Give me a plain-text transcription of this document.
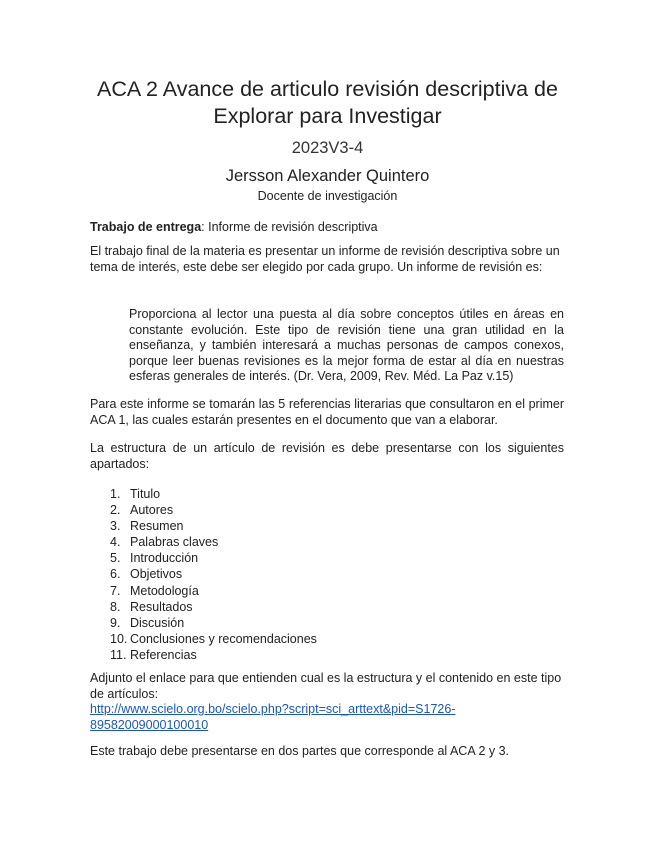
ACA 2 Avance de articulo revisión descriptiva de Explorar para Investigar
2023V3-4
Jersson Alexander Quintero
Docente de investigación
Trabajo de entrega: Informe de revisión descriptiva
El trabajo final de la materia es presentar un informe de revisión descriptiva sobre un tema de interés, este debe ser elegido por cada grupo. Un informe de revisión es:
Proporciona al lector una puesta al día sobre conceptos útiles en áreas en constante evolución. Este tipo de revisión tiene una gran utilidad en la enseñanza, y también interesará a muchas personas de campos conexos, porque leer buenas revisiones es la mejor forma de estar al día en nuestras esferas generales de interés. (Dr. Vera, 2009, Rev. Méd. La Paz v.15)
Para este informe se tomarán las 5 referencias literarias que consultaron en el primer ACA 1, las cuales estarán presentes en el documento que van a elaborar.
La estructura de un artículo de revisión es debe presentarse con los siguientes apartados:
1. Titulo
2. Autores
3. Resumen
4. Palabras claves
5. Introducción
6. Objetivos
7. Metodología
8. Resultados
9. Discusión
10. Conclusiones y recomendaciones
11. Referencias
Adjunto el enlace para que entienden cual es la estructura y el contenido en este tipo de artículos:
http://www.scielo.org.bo/scielo.php?script=sci_arttext&pid=S1726-
89582009000100010
Este trabajo debe presentarse en dos partes que corresponde al ACA 2 y 3.
